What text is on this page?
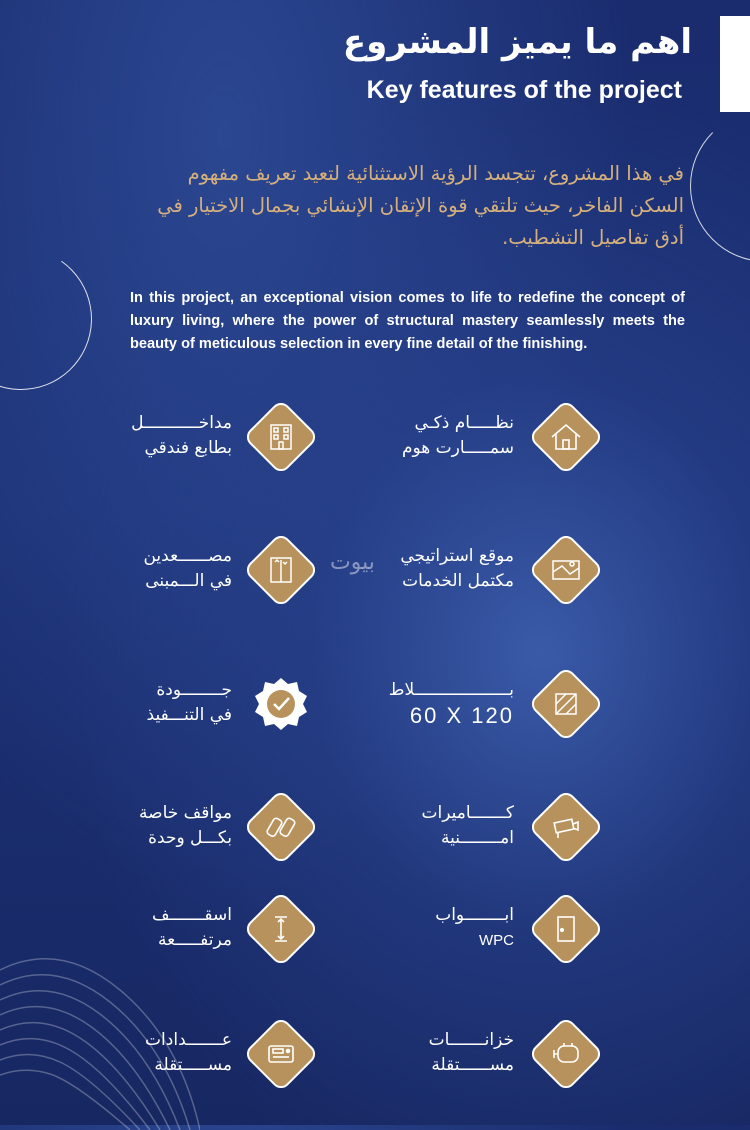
اهم ما يميز المشروع
Key features of the project

في هذا المشروع، تتجسد الرؤية الاستثنائية لتعيد تعريف مفهوم

السكن الفاخر، حيث تلتقي قوة الإتقان الإنشائي بجمال الاختيار في

أدق تفاصيل التشطيب.

In this project, an exceptional vision comes to life to redefine the concept of luxury living, where the power of structural mastery seamlessly meets the beauty of meticulous selection in every fine detail of the finishing.

بيوت
نظـــــام ذكـي
سمـــــارت هوم
مداخـــــــــــل
بطابع فندقي
موقع استراتيجي
مكتمل الخدمات
مصــــــعدين
في الـــمبنى
بـــــــــــــــــــلاط
60 X 120
جــــــــودة
في التنـــفيذ
كـــــــاميرات
امــــــــنية
مواقف خاصة
بكـــل وحدة
ابــــــــواب
WPC
اسقـــــــف
مرتفـــــعة
خزانـــــــات
مســــــتقلة
عـــــــدادات
مســـــتقلة
